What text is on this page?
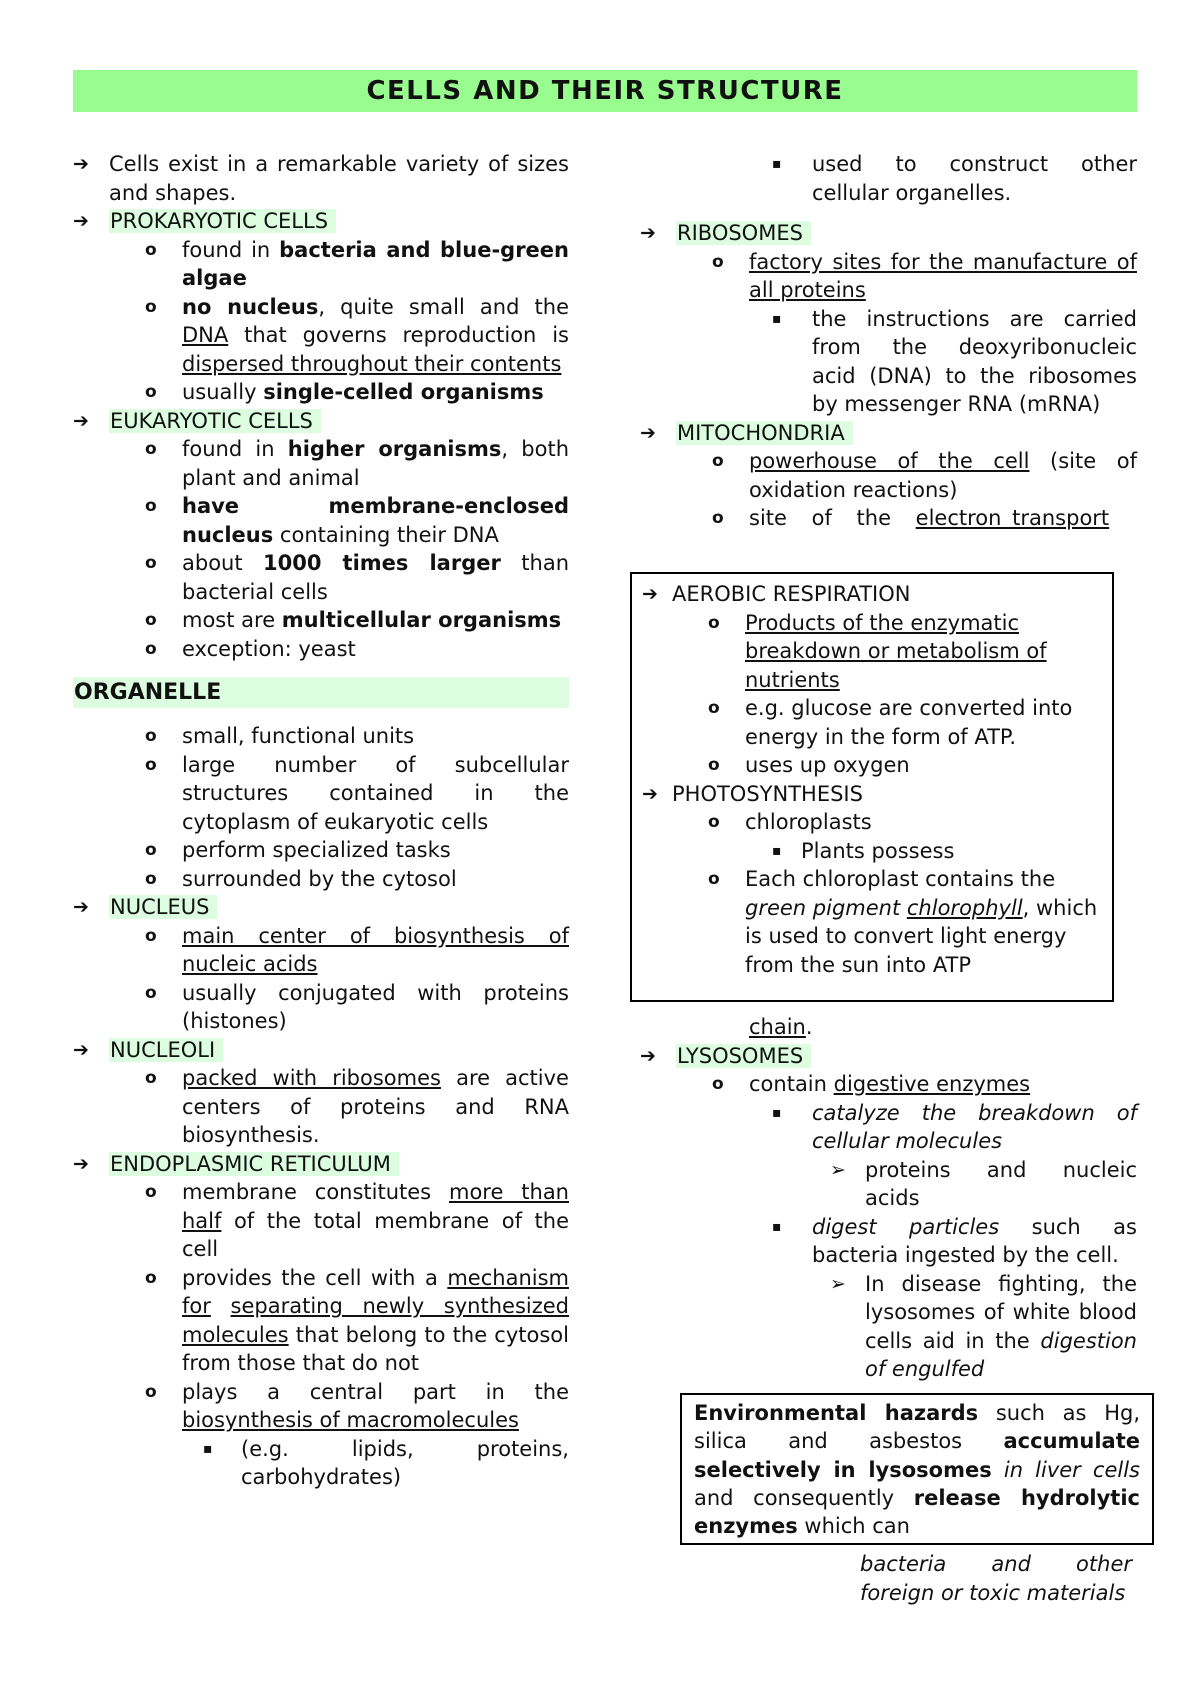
CELLS AND THEIR STRUCTURE
➔ Cells exist in a remarkable variety of sizes and shapes.
➔ PROKARYOTIC CELLS
o found in bacteria and blue-green algae
o no nucleus, quite small and the DNA that governs reproduction is dispersed throughout their contents
o usually single-celled organisms
➔ EUKARYOTIC CELLS
o found in higher organisms, both plant and animal
o have membrane-enclosed nucleus containing their DNA
o about 1000 times larger than bacterial cells
o most are multicellular organisms
o exception: yeast
ORGANELLE
o small, functional units
o large number of subcellular structures contained in the cytoplasm of eukaryotic cells
o perform specialized tasks
o surrounded by the cytosol
➔ NUCLEUS
o main center of biosynthesis of nucleic acids
o usually conjugated with proteins (histones)
➔ NUCLEOLI
o packed with ribosomes are active centers of proteins and RNA biosynthesis.
➔ ENDOPLASMIC RETICULUM
o membrane constitutes more than half of the total membrane of the cell
o provides the cell with a mechanism for separating newly synthesized molecules that belong to the cytosol from those that do not
o plays a central part in the biosynthesis of macromolecules
▪ (e.g. lipids, proteins, carbohydrates)
▪ used to construct other cellular organelles.
➔ RIBOSOMES
o factory sites for the manufacture of all proteins
▪ the instructions are carried from the deoxyribonucleic acid (DNA) to the ribosomes by messenger RNA (mRNA)
➔ MITOCHONDRIA
o powerhouse of the cell (site of oxidation reactions)
o site of the electron transport
➔ AEROBIC RESPIRATION
o Products of the enzymatic breakdown or metabolism of nutrients
o e.g. glucose are converted into energy in the form of ATP.
o uses up oxygen
➔ PHOTOSYNTHESIS
o chloroplasts
▪ Plants possess
o Each chloroplast contains the green pigment chlorophyll, which is used to convert light energy from the sun into ATP
chain.
➔ LYSOSOMES
o contain digestive enzymes
▪ catalyze the breakdown of cellular molecules
➢ proteins and nucleic acids
▪ digest particles such as bacteria ingested by the cell.
➢ In disease fighting, the lysosomes of white blood cells aid in the digestion of engulfed
Environmental hazards such as Hg, silica and asbestos accumulate selectively in lysosomes in liver cells and consequently release hydrolytic enzymes which can
bacteria and other foreign or toxic materials
